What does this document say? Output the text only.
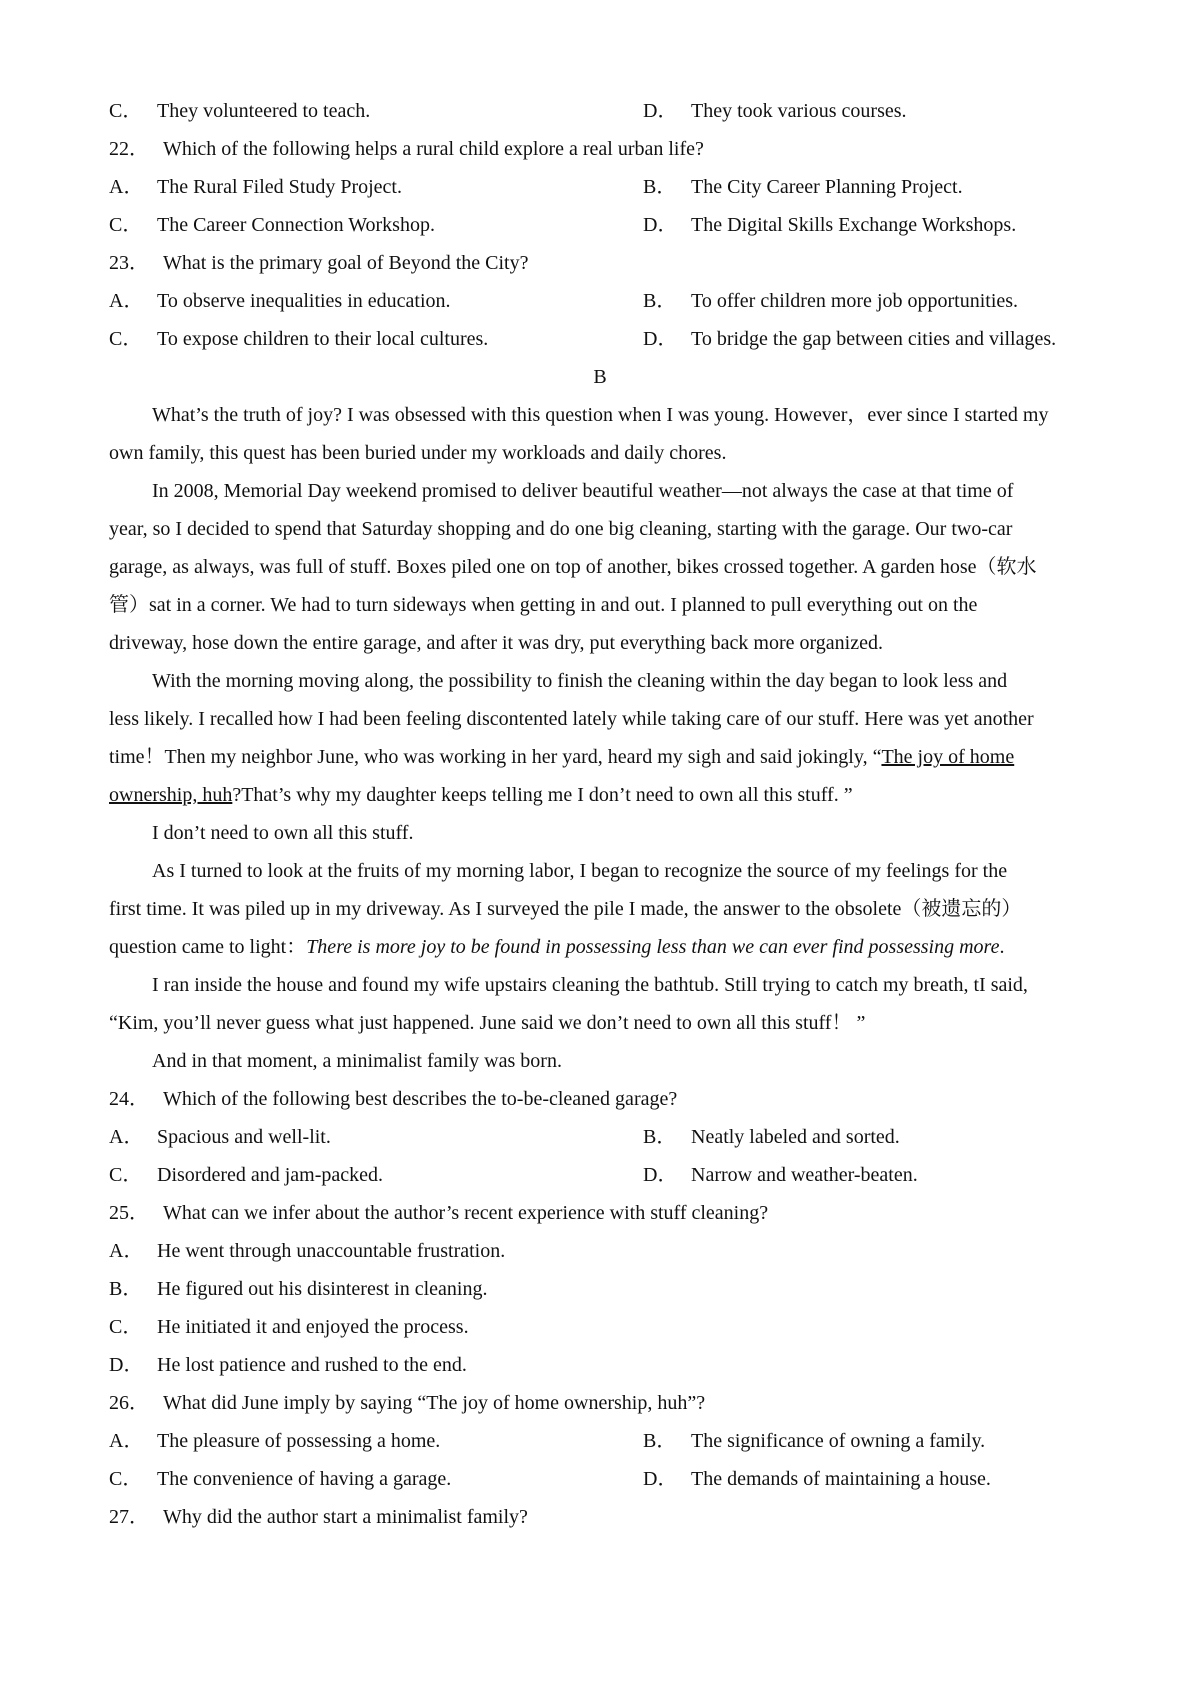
C． They volunteered to teach.	D． They took various courses.
22． Which of the following helps a rural child explore a real urban life?
A． The Rural Filed Study Project.	B． The City Career Planning Project.
C． The Career Connection Workshop.	D． The Digital Skills Exchange Workshops.
23． What is the primary goal of Beyond the City?
A． To observe inequalities in education.	B． To offer children more job opportunities.
C． To expose children to their local cultures.	D． To bridge the gap between cities and villages.
B
What’s the truth of joy? I was obsessed with this question when I was young. However，ever since I started my
own family, this quest has been buried under my workloads and daily chores.
In 2008, Memorial Day weekend promised to deliver beautiful weather—not always the case at that time of
year, so I decided to spend that Saturday shopping and do one big cleaning, starting with the garage. Our two-car
garage, as always, was full of stuff. Boxes piled one on top of another, bikes crossed together. A garden hose（软水
管）sat in a corner. We had to turn sideways when getting in and out. I planned to pull everything out on the
driveway, hose down the entire garage, and after it was dry, put everything back more organized.
With the morning moving along, the possibility to finish the cleaning within the day began to look less and
less likely. I recalled how I had been feeling discontented lately while taking care of our stuff. Here was yet another
time！Then my neighbor June, who was working in her yard, heard my sigh and said jokingly, “The joy of home
ownership, huh?That’s why my daughter keeps telling me I don’t need to own all this stuff. ”
I don’t need to own all this stuff.
As I turned to look at the fruits of my morning labor, I began to recognize the source of my feelings for the
first time. It was piled up in my driveway. As I surveyed the pile I made, the answer to the obsolete（被遗忘的）
question came to light：There is more joy to be found in possessing less than we can ever find possessing more.
I ran inside the house and found my wife upstairs cleaning the bathtub. Still trying to catch my breath, tI said,
“Kim, you’ll never guess what just happened. June said we don’t need to own all this stuff！ ”
And in that moment, a minimalist family was born.
24． Which of the following best describes the to-be-cleaned garage?
A． Spacious and well-lit.	B． Neatly labeled and sorted.
C． Disordered and jam-packed.	D． Narrow and weather-beaten.
25． What can we infer about the author’s recent experience with stuff cleaning?
A． He went through unaccountable frustration.
B． He figured out his disinterest in cleaning.
C． He initiated it and enjoyed the process.
D． He lost patience and rushed to the end.
26． What did June imply by saying “The joy of home ownership, huh”?
A． The pleasure of possessing a home.	B． The significance of owning a family.
C． The convenience of having a garage.	D． The demands of maintaining a house.
27． Why did the author start a minimalist family?
